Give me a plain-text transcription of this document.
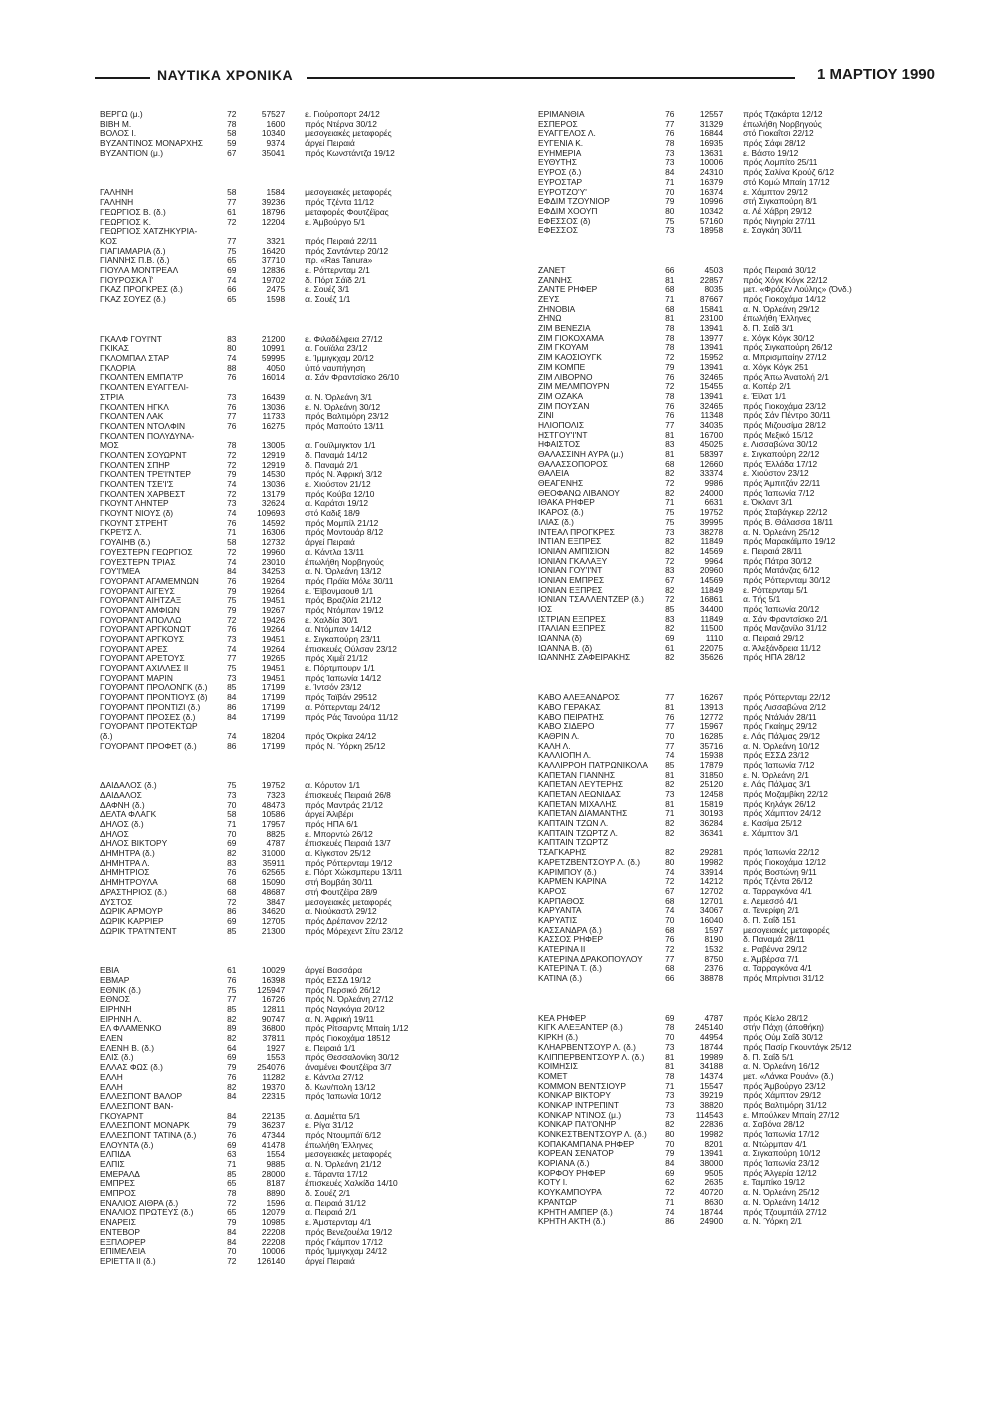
ΝΑΥΤΙΚΑ ΧΡΟΝΙΚΑ	1 ΜΑΡΤΙΟΥ 1990
ΒΕΡΓΩ (μ.)	72	57527	ε. Γιούροπορτ 24/12
ΒΙΒΗ Μ.	78	1600	πρός Ντέρνα 30/12
ΒΟΛΟΣ Ι.	58	10340	μεσογειακές μεταφορές
ΒΥΖΑΝΤΙΝΟΣ ΜΟΝΑΡΧΗΣ	59	9374	άργεί Πειραιά
ΒΥΖΑΝΤΙΟΝ (μ.)	67	35041	πρός Κωνστάντζα 19/12
ΓΑΛΗΝΗ	58	1584	μεσογειακές μεταφορές
ΓΑΛΗΝΗ	77	39236	πρός Τζέντα 11/12
ΓΕΩΡΓΙΟΣ Β. (δ.)	61	18796	μεταφορές Φουτζέϊρας
ΓΕΩΡΓΙΟΣ Κ.	72	12204	ε. Άμβούργο 5/1
ΓΕΩΡΓΙΟΣ ΧΑΤΖΗΚΥΡΙΑ-
ΚΟΣ	77	3321	πρός Πειραιά 22/11
ΓΙΑΓΙΑΜΑΡΙΑ (δ.)	75	16420	πρός Σαντάντερ 20/12
ΓΙΑΝΝΗΣ Π.Β. (δ.)	65	37710	πρ. «Ras Tanura»
ΓΙΟΥΛΑ ΜΟΝΤΡΕΑΛ	69	12836	ε. Ρόττερνταμ 2/1
ΓΙΟΥΡΟΣΚΑ Ϊ'	74	19702	δ. Πόρτ Σάϊδ 2/1
ΓΚΑΖ ΠΡΟΓΚΡΕΣ (δ.)	66	2475	ε. Σουέζ 3/1
ΓΚΑΖ ΣΟΥΕΖ (δ.)	65	1598	α. Σουέζ 1/1
ΓΚΑΛΦ ΓΟΥΙ'ΝΤ	83	21200	ε. Φιλαδέλφεια 27/12
ΓΚΙΚΑΣ	80	10991	α. Γουϊάλα 23/12
ΓΚΛΟΜΠΑΛ ΣΤΑΡ	74	59995	ε. Ίμμιγκχαμ 20/12
ΓΚΛΟΡΙΑ	88	4050	ύπό ναυπήγηση
ΓΚΟΛΝΤΕΝ ΕΜΠΑ'Ί'Ρ	76	16014	α. Σάν Φραντσίσκο 26/10
ΓΚΟΛΝΤΕΝ ΕΥΑΓΓΕΛΙ-
ΣΤΡΙΑ	73	16439	α. Ν. Όρλεάνη 3/1
ΓΚΟΛΝΤΕΝ ΗΓΚΛ	76	13036	ε. Ν. Όρλεάνη 30/12
ΓΚΟΛΝΤΕΝ ΛΑΚ	77	11733	πρός Βαλτιμόρη 23/12
ΓΚΟΛΝΤΕΝ ΝΤΟΛΦΙΝ	76	16275	πρός Μαπούτο 13/11
ΓΚΟΛΝΤΕΝ ΠΟΛΥΔΥΝΑ-
ΜΟΣ	78	13005	α. Γουϊλμιγκτον 1/1
ΓΚΟΛΝΤΕΝ ΣΟΥΩΡΝΤ	72	12919	δ. Παναμά 14/12
ΓΚΟΛΝΤΕΝ ΣΠΗΡ	72	12919	δ. Παναμά 2/1
ΓΚΟΛΝΤΕΝ ΤΡΕ'Ι'ΝΤΕΡ	79	14530	πρός Ν. Άφρική 3/12
ΓΚΟΛΝΤΕΝ ΤΣΕ'Ι'Σ	74	13036	ε. Χιούστον 21/12
ΓΚΟΛΝΤΕΝ ΧΑΡΒΕΣΤ	72	13179	πρός Κούβα 12/10
ΓΚΟΥΝΤ ΛΗΝΤΕΡ	73	32624	α. Καράτσι 19/12
ΓΚΟΥΝΤ ΝΙΟΥΣ (δ)	74	109693	στό Καδιξ 18/9
ΓΚΟΥΝΤ ΣΤΡΕΗΤ	76	14592	πρός Μομπίλ 21/12
ΓΚΡΕ'Ι'Σ Λ.	71	16306	πρός Μοντουάρ 8/12
ΓΟΥΑΙΗΒ (δ.)	58	12732	άργεί Πειραιά
ΓΟΥΕΣΤΕΡΝ ΓΕΩΡΓΙΟΣ	72	19960	α. Κάντλα 13/11
ΓΟΥΕΣΤΕΡΝ ΤΡΙΑΣ	74	23010	έπωλήθη Νορβηγούς
ΓΟΥ'Ι'ΜΕΑ	84	34253	α. Ν. Όρλεάνη 13/12
ΓΟΥΟΡΑΝΤ ΑΓΑΜΕΜΝΩΝ	76	19264	πρός Πράϊα Μόλε 30/11
ΓΟΥΟΡΑΝΤ ΑΙΓΕΥΣ	79	19264	ε. Έϊβονμαουθ 1/1
ΓΟΥΟΡΑΝΤ ΑΙΗΤΖΑΞ	75	19451	πρός Βραζιλία 21/12
ΓΟΥΟΡΑΝΤ ΑΜΦΙΩΝ	79	19267	πρός Ντόμπαν 19/12
ΓΟΥΟΡΑΝΤ ΑΠΟΛΛΩ	72	19426	ε. Χαλδία 30/1
ΓΟΥΟΡΑΝΤ ΑΡΓΚΟΝΩΤ	76	19264	α. Ντόμπαν 14/12
ΓΟΥΟΡΑΝΤ ΑΡΓΚΟΥΣ	73	19451	ε. Σιγκαπούρη 23/11
ΓΟΥΟΡΑΝΤ ΑΡΕΣ	74	19264	έπισκευές Ούλσαν 23/12
ΓΟΥΟΡΑΝΤ ΑΡΕΤΟΥΣ	77	19265	πρός Χιμέϊ 21/12
ΓΟΥΟΡΑΝΤ ΑΧΙΛΛΕΣ ΙΙ	75	19451	ε. Πόρτμπουρν 1/1
ΓΟΥΟΡΑΝΤ ΜΑΡΙΝ	73	19451	πρός Ίαπωνία 14/12
ΓΟΥΟΡΑΝΤ ΠΡΟΛΟΝΓΚ (δ.)	85	17199	ε. Ίντσόν 23/12
ΓΟΥΟΡΑΝΤ ΠΡΟΝΤΙΟΥΣ (δ)	84	17199	πρός Ταϊβάν 29512
ΓΟΥΟΡΑΝΤ ΠΡΟΝΤΙΖΙ (δ.)	86	17199	α. Ρόττερνταμ 24/12
ΓΟΥΟΡΑΝΤ ΠΡΟΣΕΣ (δ.)	84	17199	πρός Ράς Τανούρα 11/12
ΓΟΥΟΡΑΝΤ ΠΡΟΤΕΚΤΩΡ
(δ.)	74	18204	πρός Όκρίκα 24/12
ΓΟΥΟΡΑΝΤ ΠΡΟΦΕΤ (δ.)	86	17199	πρός Ν. Ύόρκη 25/12
ΔΑΙΔΑΛΟΣ (δ.)	75	19752	α. Κόρυτον 1/1
ΔΑΙΔΑΛΟΣ	73	7323	έπισκευές Πειραιά 26/8
ΔΑΦΝΗ (δ.)	70	48473	πρός Μαντράς 21/12
ΔΕΛΤΑ ΦΛΑΓΚ	58	10586	άργεί Άλιβέρι
ΔΗΛΟΣ (δ.)	71	17957	πρός ΗΠΑ 6/1
ΔΗΛΟΣ	70	8825	ε. Μπορντώ 26/12
ΔΗΛΟΣ ΒΙΚΤΟΡΥ	69	4787	έπισκευές Πειραιά 13/7
ΔΗΜΗΤΡΑ (δ.)	82	31000	α. Κίγκστον 25/12
ΔΗΜΗΤΡΑ Λ.	83	35911	πρός Ρόττερνταμ 19/12
ΔΗΜΗΤΡΙΟΣ	76	62565	ε. Πόρτ Χώκσμπερυ 13/11
ΔΗΜΗΤΡΟΥΛΑ	68	15090	στή Βομβάη 30/11
ΔΡΑΣΤΗΡΙΟΣ (δ.)	68	48687	στή Φουτζέϊρα 28/9
ΔΥΣΤΟΣ	72	3847	μεσογειακές μεταφορές
ΔΩΡΙΚ ΑΡΜΟΥΡ	86	34620	α. Νιούκαστλ 29/12
ΔΩΡΙΚ ΚΑΡΡΙΕΡ	69	12705	πρός Δρέπανον 22/12
ΔΩΡΙΚ ΤΡΑ'Ι'ΝΤΕΝΤ	85	21300	πρός Μόρεχεντ Σίτυ 23/12
ΕΒΙΑ	61	10029	άργεί Βασσάρα
ΕΒΜΑΡ	76	16398	πρός ΕΣΣΔ 19/12
ΕΘΝΙΚ (δ.)	75	125947	πρός Περσικό 26/12
ΕΘΝΟΣ	77	16726	πρός Ν. Όρλεάνη 27/12
ΕΙΡΗΝΗ	85	12811	πρός Ναγκόγια 20/12
ΕΙΡΗΝΗ Λ.	82	90747	α. Ν. Άφρική 19/11
ΕΛ ΦΛΑΜΕΝΚΟ	89	36800	πρός Ρίτσαρντς Μπαίη 1/12
ΕΛΕΝ	82	37811	πρός Γιοκοχάμα 18512
ΕΛΕΝΗ Β. (δ.)	64	1927	ε. Πειραιά 1/1
ΕΛΙΣ (δ.)	69	1553	πρός Θεσσαλονίκη 30/12
ΕΛΛΑΣ ΦΩΣ (δ.)	79	254076	άναμένει Φουτζέϊρα 3/7
ΕΛΛΗ	76	11282	ε. Κάντλα 27/12
ΕΛΛΗ	82	19370	δ. Κων/πολη 13/12
ΕΛΛΕΣΠΟΝΤ ΒΑΛΟΡ	84	22315	πρός Ίαπωνία 10/12
ΕΛΛΕΣΠΟΝΤ ΒΑΝ-
ΓΚΟΥΑΡΝΤ	84	22135	α. Δαμιέττα 5/1
ΕΛΛΕΣΠΟΝΤ ΜΟΝΑΡΚ	79	36237	ε. Ρίγα 31/12
ΕΛΛΕΣΠΟΝΤ ΤΑΤΙΝΑ (δ.)	76	47344	πρός Ντουμπάϊ 6/12
ΕΛΟΥΝΤΑ (δ.)	69	41478	έπωλήθη Έλληνες
ΕΛΠΙΔΑ	63	1554	μεσογειακές μεταφορές
ΕΛΠΙΣ	71	9885	α. Ν. Όρλεάνη 21/12
ΕΜΕΡΑΛΔ	85	28000	ε. Τάραντα 17/12
ΕΜΠΡΕΣ	65	8187	έπισκευές Χαλκίδα 14/10
ΕΜΠΡΟΣ	78	8890	δ. Σουέζ 2/1
ΕΝΑΛΙΟΣ ΑΙΘΡΑ (δ.)	72	1596	α. Πειραιά 31/12
ΕΝΑΛΙΟΣ ΠΡΩΤΕΥΣ (δ.)	65	12079	α. Πειραιά 2/1
ΕΝΑΡΕΙΣ	79	10985	ε. Άμστερνταμ 4/1
ΕΝΤΕΒΟΡ	84	22208	πρός Βενεζουέλα 19/12
ΕΞΠΛΟΡΕΡ	84	22208	πρός Γκάμπον 17/12
ΕΠΙΜΕΛΕΙΑ	70	10006	πρός Ίμμιγκχαμ 24/12
ΕΡΙΕΤΤΑ ΙΙ (δ.)	72	126140	άργεί Πειραιά
ΕΡΙΜΑΝΘΙΑ	76	12557	πρός Τζακάρτα 12/12
ΕΣΠΕΡΟΣ	77	31329	έπωλήθη Νορβηγούς
ΕΥΑΓΓΕΛΟΣ Λ.	76	16844	στό Γιοκαΐτσι 22/12
ΕΥΓΕΝΙΑ Κ.	78	16935	πρός Σάφι 28/12
ΕΥΗΜΕΡΙΑ	73	13631	ε. Βάστο 19/12
ΕΥΘΥΤΗΣ	73	10006	πρός Λομπίτο 25/11
ΕΥΡΟΣ (δ.)	84	24310	πρός Σαλίνα Κρούζ 6/12
ΕΥΡΟΣΤΑΡ	71	16379	στό Κομώ Μπαίη 17/12
ΕΥΡΟΤΖΟ'Υ'	70	16374	ε. Χάμπτον 29/12
ΕΦΔΙΜ ΤΖΟΥΝΙΟΡ	79	10996	στή Σιγκαπούρη 8/1
ΕΦΔΙΜ ΧΟΟΥΠ	80	10342	α. Λέ Χάβρη 29/12
ΕΦΕΣΣΟΣ (δ)	75	57160	πρός Νιγηρία 27/11
ΕΦΕΣΣΟΣ	73	18958	ε. Σαγκάη 30/11
ΖΑΝΕΤ	66	4503	πρός Πειραιά 30/12
ΖΑΝΝΗΣ	81	22857	πρός Χόγκ Κόγκ 22/12
ΖΑΝΤΕ ΡΗΦΕΡ	68	8035	μετ. «Φρόζεν Λούλης» (Όνδ.)
ΖΕΥΣ	71	87667	πρός Γιοκοχάμα 14/12
ΖΗΝΟΒΙΑ	68	15841	α. Ν. Όρλεάνη 29/12
ΖΗΝΩ	81	23100	έπωλήθη Έλληνες
ΖΙΜ ΒΕΝΕΖΙΑ	78	13941	δ. Π. Σαΐδ 3/1
ΖΙΜ ΓΙΟΚΟΧΑΜΑ	78	13977	ε. Χόγκ Κόγκ 30/12
ΖΙΜ ΓΚΟΥΑΜ	78	13941	πρός Σιγκαπούρη 26/12
ΖΙΜ ΚΑΟΣΙΟΥΓΚ	72	15952	α. Μπρισμπαίην 27/12
ΖΙΜ ΚΟΜΠΕ	79	13941	α. Χόγκ Κόγκ 251
ΖΙΜ ΛΙΒΟΡΝΟ	76	32465	πρός Άπω Άνατολή 2/1
ΖΙΜ ΜΕΛΜΠΟΥΡΝ	72	15455	α. Κοπέρ 2/1
ΖΙΜ ΟΖΑΚΑ	78	13941	ε. Έϊλατ 1/1
ΖΙΜ ΠΟΥΣΑΝ	76	32465	πρός Γιοκοχάμα 23/12
ΖΙΝΙ	76	11348	πρός Σάν Πέντρο 30/11
ΗΛΙΟΠΟΛΙΣ	77	34035	πρός Μιζουσίμα 28/12
ΗΣΤΓΟΥ'Ι'ΝΤ	81	16700	πρός Μεξικό 15/12
ΗΦΑΙΣΤΟΣ	83	45025	ε. Λισσαβώνα 30/12
ΘΑΛΑΣΣΙΝΗ ΑΥΡΑ (μ.)	81	58397	ε. Σιγκαπούρη 22/12
ΘΑΛΑΣΣΟΠΟΡΟΣ	68	12660	πρός Έλλάδα 17/12
ΘΑΛΕΙΑ	82	33374	ε. Χιούστον 23/12
ΘΕΑΓΕΝΗΣ	72	9986	πρός Άμπιτζάν 22/11
ΘΕΟΦΑΝΩ ΛΙΒΑΝΟΥ	82	24000	πρός Ίαπωνία 7/12
ΙΘΑΚΑ ΡΗΦΕΡ	71	6631	ε. Όκλαντ 3/1
ΙΚΑΡΟΣ (δ.)	75	19752	πρός Σταβάγκερ 22/12
ΙΛΙΑΣ (δ.)	75	39995	πρός Β. Θάλασσα 18/11
ΙΝΤΕΑΛ ΠΡΟΓΚΡΕΣ	73	38278	α. Ν. Όρλεάνη 25/12
ΙΝΤΙΑΝ ΕΞΠΡΕΣ	82	11849	πρός Μαρακάϊμπο 19/12
ΙΟΝΙΑΝ ΑΜΠΙΣΙΟΝ	82	14569	ε. Πειραιά 28/11
ΙΟΝΙΑΝ ΓΚΑΛΑΞΥ	72	9964	πρός Πάτρα 30/12
ΙΟΝΙΑΝ ΓΟΥ'Ι'ΝΤ	83	20960	πρός Ματάνζας 6/12
ΙΟΝΙΑΝ ΕΜΠΡΕΣ	67	14569	πρός Ρόττερνταμ 30/12
ΙΟΝΙΑΝ ΕΞΠΡΕΣ	82	11849	ε. Ρόττερνταμ 5/1
ΙΟΝΙΑΝ ΤΣΑΛΛΕΝΤΖΕΡ (δ.)	72	16861	α. Τής 5/1
ΙΟΣ	85	34400	πρός Ίαπωνία 20/12
ΙΣΤΡΙΑΝ ΕΞΠΡΕΣ	83	11849	α. Σάν Φραντσίσκο 2/1
ΙΤΑΛΙΑΝ ΕΞΠΡΕΣ	82	11500	πρός Μανζανίλο 31/12
ΙΩΑΝΝΑ (δ)	69	1110	α. Πειραιά 29/12
ΙΩΑΝΝΑ Β. (δ)	61	22075	α. Άλεξάνδρεια 11/12
ΙΩΑΝΝΗΣ ΖΑΦΕΙΡΑΚΗΣ	82	35626	πρός ΗΠΑ 28/12
ΚΑΒΟ ΑΛΕΞΑΝΔΡΟΣ	77	16267	πρός Ρόττερνταμ 22/12
ΚΑΒΟ ΓΕΡΑΚΑΣ	81	13913	πρός Λισσαβώνα 2/12
ΚΑΒΟ ΠΕΙΡΑΤΗΣ	76	12772	πρός Ντάλιάν 28/11
ΚΑΒΟ ΣΙΔΕΡΟ	77	15967	πρός Γκαίημς 29/12
ΚΑΘΡΙΝ Λ.	70	16285	ε. Λάς Πάλμας 29/12
ΚΑΛΗ Λ.	77	35716	α. Ν. Όρλεάνη 10/12
ΚΑΛΛΙΟΠΗ Λ.	74	15938	πρός ΕΣΣΔ 23/12
ΚΑΛΛΙΡΡΟΗ ΠΑΤΡΩΝΙΚΟΛΑ	85	17879	πρός Ίαπωνία 7/12
ΚΑΠΕΤΑΝ ΓΙΑΝΝΗΣ	81	31850	ε. Ν. Όρλεάνη 2/1
ΚΑΠΕΤΑΝ ΛΕΥΤΕΡΗΣ	82	25120	ε. Λάς Πάλμας 3/1
ΚΑΠΕΤΑΝ ΛΕΩΝΙΔΑΣ	73	12458	πρός Μοζαμβίκη 22/12
ΚΑΠΕΤΑΝ ΜΙΧΑΛΗΣ	81	15819	πρός Κηλάγκ 26/12
ΚΑΠΕΤΑΝ ΔΙΑΜΑΝΤΗΣ	71	30193	πρός Χάμπτον 24/12
ΚΑΠΤΑΙΝ ΤΖΩΝ Λ.	82	36284	ε. Κασίμα 25/12
ΚΑΠΤΑΙΝ ΤΖΩΡΤΖ Λ.	82	36341	ε. Χάμπτον 3/1
ΚΑΠΤΑΙΝ ΤΖΩΡΤΖ
ΤΣΑΓΚΑΡΗΣ	82	29281	πρός Ίαπωνία 22/12
ΚΑΡΕΤΖΒΕΝΤΣΟΥΡ Λ. (δ.)	80	19982	πρός Γιοκοχάμα 12/12
ΚΑΡΙΜΠΟΥ (δ.)	74	33914	πρός Βοστώνη 9/11
ΚΑΡΜΕΝ ΚΑΡΙΝΑ	72	14212	πρός Τζέντα 26/12
ΚΑΡΟΣ	67	12702	α. Ταρραγκόνα 4/1
ΚΑΡΠΑΘΟΣ	68	12701	ε. Λεμεσσό 4/1
ΚΑΡΥΑΝΤΑ	74	34067	α. Τενερίφη 2/1
ΚΑΡΥΑΤΙΣ	70	16040	δ. Π. Σαΐδ 151
ΚΑΣΣΑΝΔΡΑ (δ.)	68	1597	μεσογειακές μεταφορές
ΚΑΣΣΟΣ ΡΗΦΕΡ	76	8190	δ. Παναμά 28/11
ΚΑΤΕΡΙΝΑ ΙΙ	72	1532	ε. Ραβέννα 29/12
ΚΑΤΕΡΙΝΑ ΔΡΑΚΟΠΟΥΛΟΥ	77	8750	ε. Άμβέρσα 7/1
ΚΑΤΕΡΙΝΑ Τ. (δ.)	68	2376	α. Ταρραγκόνα 4/1
ΚΑΤΙΝΑ (δ.)	66	38878	πρός Μπρίντισι 31/12
ΚΕΑ ΡΗΦΕΡ	69	4787	πρός Κίελο 28/12
ΚΙΓΚ ΑΛΕΞΑΝΤΕΡ (δ.)	78	245140	στήν Πάχη (άποθήκη)
ΚΙΡΚΗ (δ.)	70	44954	πρός Ούμ Σαΐδ 30/12
ΚΛΗΑΡΒΕΝΤΣΟΥΡ Λ. (δ.)	73	18744	πρός Πασίρ Γκουντάγκ 25/12
ΚΛΙΠΠΕΡΒΕΝΤΣΟΥΡ Λ. (δ.)	81	19989	δ. Π. Σαΐδ 5/1
ΚΟΙΜΗΣΙΣ	81	34188	α. Ν. Όρλεάνη 16/12
ΚΟΜΕΤ	78	14374	μετ. «Λάνκα Ρουάν» (δ.)
ΚΟΜΜΟΝ ΒΕΝΤΣΙΟΥΡ	71	15547	πρός Άμβούργο 23/12
ΚΟΝΚΑΡ ΒΙΚΤΟΡΥ	73	39219	πρός Χάμπτον 29/12
ΚΟΝΚΑΡ ΙΝΤΡΕΠΙΝΤ	73	38820	πρός Βαλτιμόρη 31/12
ΚΟΝΚΑΡ ΝΤΙΝΟΣ (μ.)	73	114543	ε. Μπούλκεν Μπαίη 27/12
ΚΟΝΚΑΡ ΠΑ'Ι'ΟΝΗΡ	82	22836	α. Σαβόνα 28/12
ΚΟΝΚΕΣΤΒΕΝΤΣΟΥΡ Λ. (δ.)	80	19982	πρός Ίαπωνία 17/12
ΚΟΠΑΚΑΜΠΑΝΑ ΡΗΦΕΡ	70	8201	α. Ντώρμπαν 4/1
ΚΟΡΕΑΝ ΣΕΝΑΤΟΡ	79	13941	α. Σιγκαπούρη 10/12
ΚΟΡΙΑΝΑ (δ.)	84	38000	πρός Ίαπωνία 23/12
ΚΟΡΦΟΥ ΡΗΦΕΡ	69	9505	πρός Άλγερία 12/12
ΚΟΤΥ Ι.	62	2635	ε. Ταμπίκο 19/12
ΚΟΥΚΑΜΠΟΥΡΑ	72	40720	α. Ν. Όρλεάνη 25/12
ΚΡΑΝΤΩΡ	71	8630	α. Ν. Όρλεάνη 14/12
ΚΡΗΤΗ ΑΜΠΕΡ (δ.)	74	18744	πρός Τζουμπάϊλ 27/12
ΚΡΗΤΗ ΑΚΤΗ (δ.)	86	24900	α. Ν. Ύόρκη 2/1
